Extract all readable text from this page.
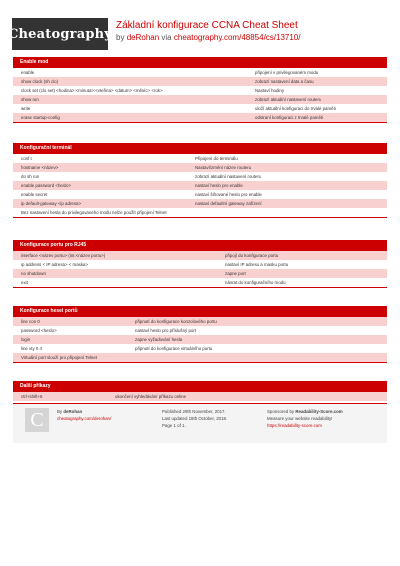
Cheatography
Základní konfigurace CCNA Cheat Sheet
by deRohan via cheatography.com/48854/cs/13710/
Enable mod
enable	připojení v privilegovaném modu
show clock (sh clo)	zobrazí nastavení data a času
clock set (clo set) <hodina>:<minuta>:<vteřina> <datum> <měsíc> <rok>	Nastaví hodiny
show run	zobrazí aktuální nastavení routeru
write	uloží aktuální konfiguraci do trvalé paměti
erase startup-config	odstraní konfiguraci z trvalé paměti
Konfigurační terminál
conf t	Připojení do terminálu
hostname <název>	Nastaví/změní název routeru
do sh run	zobrazí aktuální nastavení routeru
enable password <heslo>	nastaví heslo pro enable
enable secret	nastaví šifrované heslo pro enable
ip default-gateway <ip adresa>	nastaví defaultní gateway zařízení
Bez nastavení hesla do privilegovaného modu nelze použít připojení Telnet
Konfigurace portu pro RJ45
interface <název portu> (int.<název portu>)	připojí do konfigurace portu
ip address < IP adresa> < maska>	nastaví IP adresu a masku portu
no shutdown	zapne port
exit	návrat do konfiguračního modu
Konfigurace hesel portů
line con 0	připnutí do konfigurace konzolového portu
password <heslo>	nastaví heslo pro příslušný port
login	zapne vyžadování hesla
line vty 0 4	připnutí do konfigurace virtuálního portu
Virtuální port slouží pro připojení Telnet
Další příkazy
ctrl+shift+6	ukončení vyhledávání příkazu online
C	By deRohan
cheatography.com/derohan/
Published 29th November, 2017.
Last updated 18th October, 2018.
Page 1 of 1.
Sponsored by Readability-Score.com
Measure your website readability!
https://readability-score.com
